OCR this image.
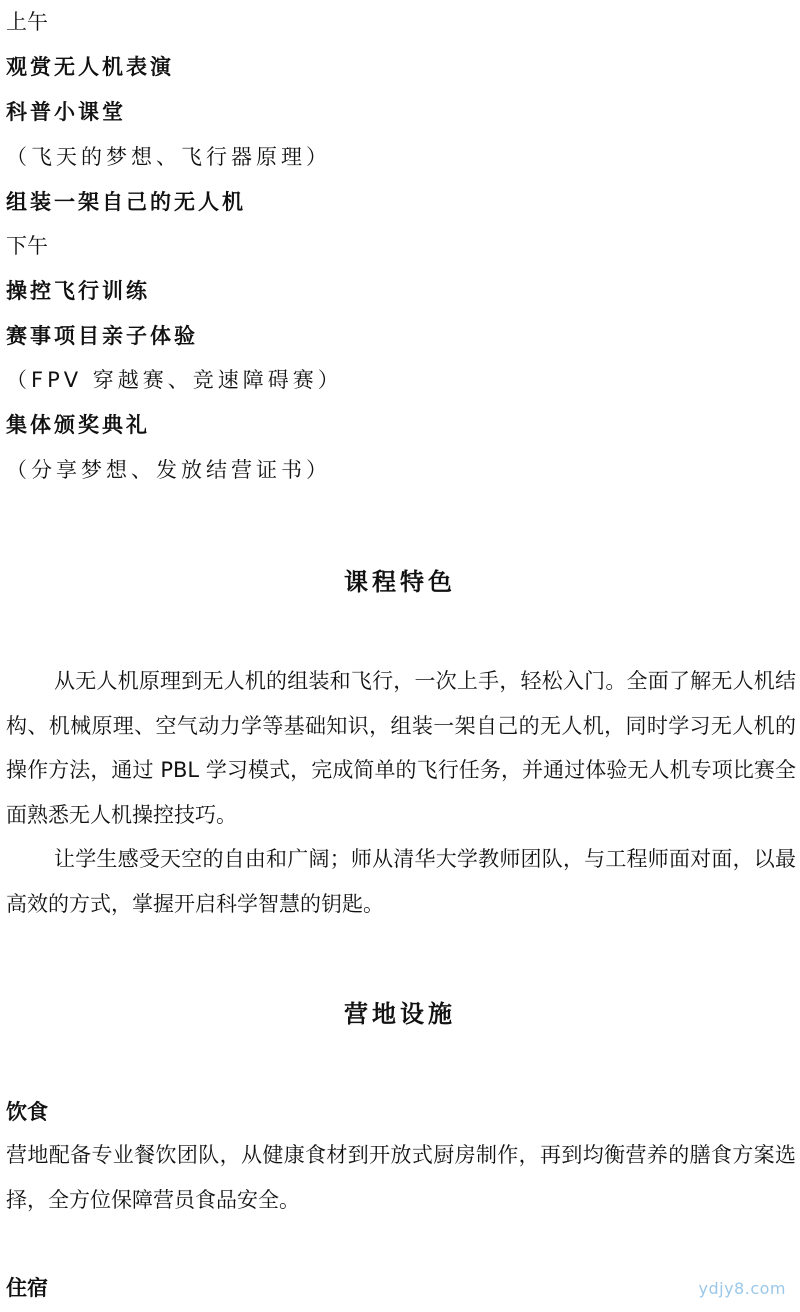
上午
观赏无人机表演
科普小课堂
（飞天的梦想、飞行器原理）
组装一架自己的无人机
下午
操控飞行训练
赛事项目亲子体验
（FPV 穿越赛、竞速障碍赛）
集体颁奖典礼
（分享梦想、发放结营证书）
课程特色

从无人机原理到无人机的组装和飞行，一次上手，轻松入门。全面了解无人机结构、机械原理、空气动力学等基础知识，组装一架自己的无人机，同时学习无人机的操作方法，通过 PBL 学习模式，完成简单的飞行任务，并通过体验无人机专项比赛全面熟悉无人机操控技巧。

让学生感受天空的自由和广阔；师从清华大学教师团队，与工程师面对面，以最高效的方式，掌握开启科学智慧的钥匙。

营地设施
饮食

营地配备专业餐饮团队，从健康食材到开放式厨房制作，再到均衡营养的膳食方案选择，全方位保障营员食品安全。

住宿	ydjy8.com
